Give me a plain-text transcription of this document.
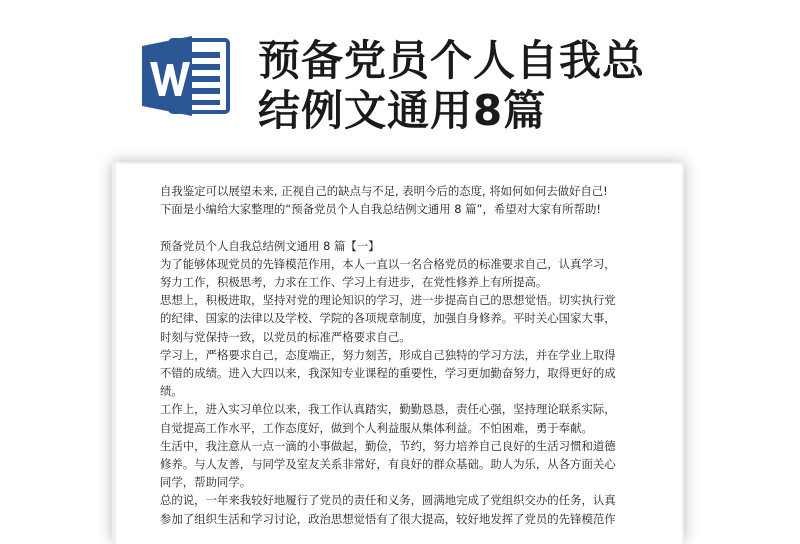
预备党员个人自我总
结例文通用8篇
自我鉴定可以展望未来, 正视自己的缺点与不足, 表明今后的态度, 将如何如何去做好自己!
下面是小编给大家整理的“预备党员个人自我总结例文通用 8 篇”，希望对大家有所帮助!
预备党员个人自我总结例文通用 8 篇【一】
为了能够体现党员的先锋模范作用，本人一直以一名合格党员的标准要求自己，认真学习，
努力工作，积极思考，力求在工作、学习上有进步，在党性修养上有所提高。
思想上，积极进取，坚持对党的理论知识的学习，进一步提高自己的思想觉悟。切实执行党
的纪律、国家的法律以及学校、学院的各项规章制度，加强自身修养。平时关心国家大事，
时刻与党保持一致，以党员的标准严格要求自己。
学习上，严格要求自己，态度端正，努力刻苦，形成自己独特的学习方法，并在学业上取得
不错的成绩。进入大四以来，我深知专业课程的重要性，学习更加勤奋努力，取得更好的成
绩。
工作上，进入实习单位以来，我工作认真踏实，勤勤恳恳，责任心强，坚持理论联系实际，
自觉提高工作水平，工作态度好，做到个人利益服从集体利益。不怕困难，勇于奉献。
生活中，我注意从一点一滴的小事做起，勤俭，节约，努力培养自己良好的生活习惯和道德
修养。与人友善，与同学及室友关系非常好，有良好的群众基础。助人为乐，从各方面关心
同学，帮助同学。
总的说，一年来我较好地履行了党员的责任和义务，圆满地完成了党组织交办的任务，认真
参加了组织生活和学习讨论，政治思想觉悟有了很大提高，较好地发挥了党员的先锋模范作
